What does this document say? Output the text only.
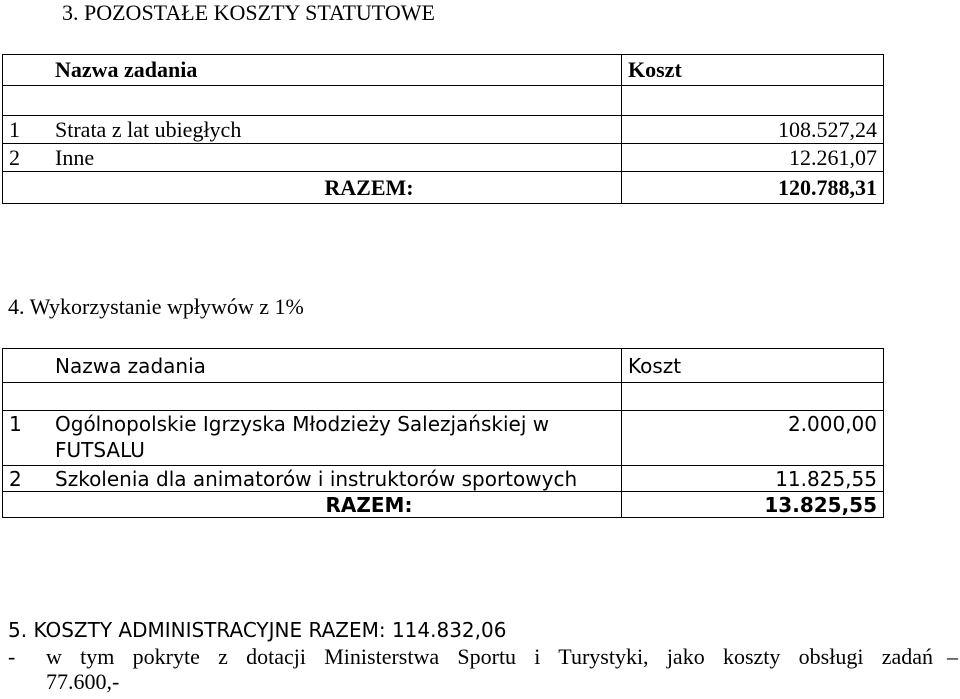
3. POZOSTAŁE KOSZTY STATUTOWE
	Nazwa zadania	Koszt

1	Strata z lat ubiegłych	108.527,24
2	Inne	12.261,07
RAZEM:		120.788,31
4. Wykorzystanie wpływów z 1%
	Nazwa zadania	Koszt

1	Ogólnopolskie Igrzyska Młodzieży Salezjańskiej w
FUTSALU	2.000,00
2	Szkolenia dla animatorów i instruktorów sportowych	11.825,55
RAZEM:		13.825,55
5. KOSZTY ADMINISTRACYJNE RAZEM: 114.832,06
-	w tym pokryte z dotacji Ministerstwa Sportu i Turystyki, jako koszty obsługi zadań –
77.600,-
